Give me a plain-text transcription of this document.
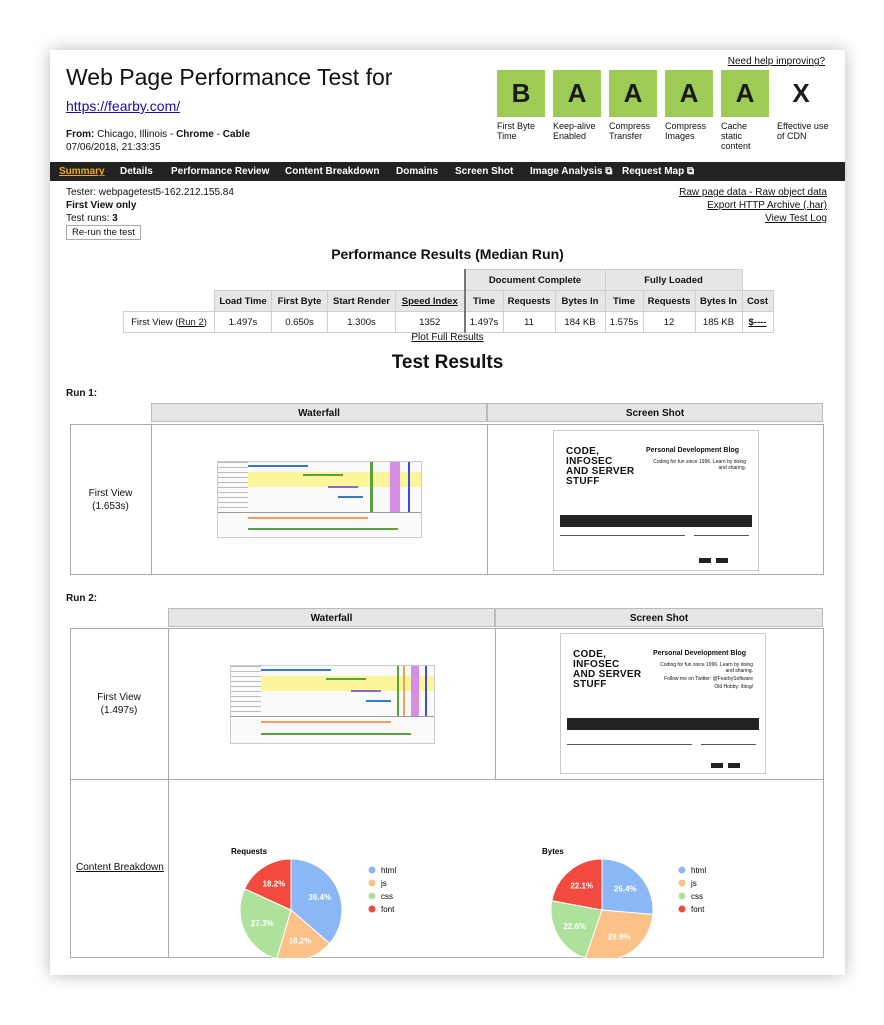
Web Page Performance Test for
https://fearby.com/
From: Chicago, Illinois - Chrome - Cable
07/06/2018, 21:33:35
Need help improving?
B
First Byte Time
A
Keep-alive Enabled
A
Compress Transfer
A
Compress Images
A
Cache static content
X
Effective use of CDN
Summary Details Performance Review Content Breakdown Domains Screen Shot Image Analysis ⧉ Request Map ⧉
Tester: webpagetest5-162.212.155.84
First View only
Test runs: 3
Re-run the test
Raw page data - Raw object data
Export HTTP Archive (.har)
View Test Log
Performance Results (Median Run)
					Document Complete			Fully Loaded			
	Load Time	First Byte	Start Render	Speed Index	Time	Requests	Bytes In	Time	Requests	Bytes In	Cost
First View (Run 2)	1.497s	0.650s	1.300s	1352	1.497s	11	184 KB	1.575s	12	185 KB	$----
Plot Full Results
Test Results
Run 1:
Waterfall	Screen Shot
First View
(1.653s)
CODE, INFOSEC AND SERVER STUFF
Personal Development Blog
Coding for fun since 1996. Learn by doing and sharing.
Run 2:
Waterfall	Screen Shot
First View
(1.497s)
CODE, INFOSEC AND SERVER STUFF
Personal Development Blog
Coding for fun since 1996. Learn by doing and sharing.
Follow me on Twitter: @FearbySoftware
Old Hobby: /blog/
Content Breakdown
Requests
36.4%
18.2%
27.3%
18.2%
html
js
css
font
Bytes
26.4%
28.9%
22.6%
22.1%
html
js
css
font
